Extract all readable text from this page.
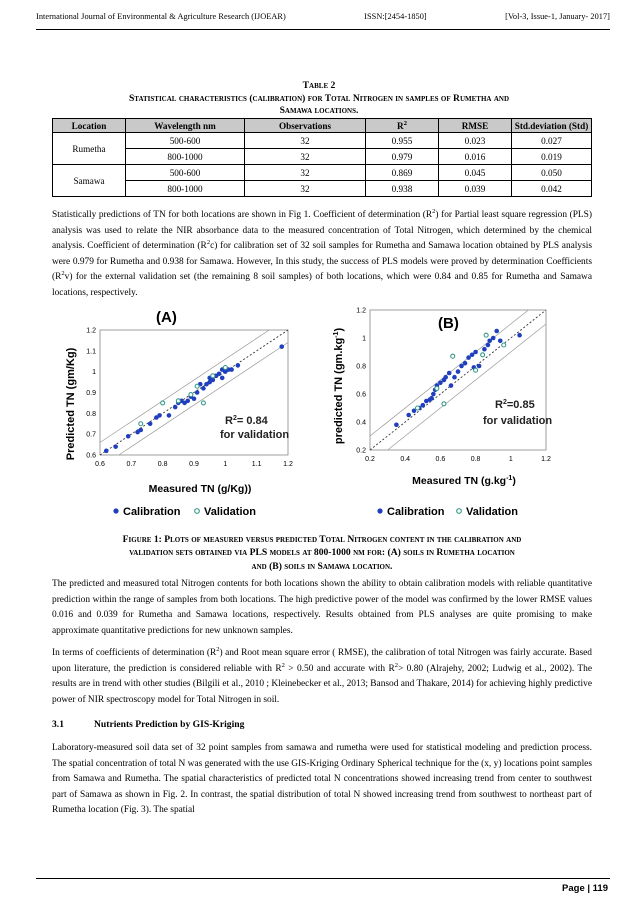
International Journal of Environmental & Agriculture Research (IJOEAR)	ISSN:[2454-1850]	[Vol-3, Issue-1, January- 2017]
Table 2
Statistical characteristics (calibration) for Total Nitrogen in samples of Rumetha and
Samawa locations.
Location	Wavelength nm	Observations	$R^2$	RMSE	Std.deviation (Std)
Rumetha	500-600	32	0.955	0.023	0.027
	800-1000	32	0.979	0.016	0.019
Samawa	500-600	32	0.869	0.045	0.050
	800-1000	32	0.938	0.039	0.042
Statistically predictions of TN for both locations are shown in Fig 1. Coefficient of determination $(R^2)$ for Partial least square regression (PLS) analysis was used to relate the NIR absorbance data to the measured concentration of Total Nitrogen, which determined by the chemical analysis. Coefficient of determination $(R^2c)$ for calibration set of 32 soil samples for Rumetha and Samawa location obtained by PLS analysis were 0.979 for Rumetha and 0.938 for Samawa. However, In this study, the success of PLS models were proved by determination Coefficients $(R^2v)$ for the external validation set (the remaining 8 soil samples) of both locations, which were 0.84 and 0.85 for Rumetha and Samawa locations, respectively.
0.6	0.7	0.8	0.9	1	1.1	1.2
0.6
0.7
0.8
0.9
1
1.1
1.2
(A)
$R^2= 0.84$
for validation
Measured TN (g/Kg))
Predicted TN (gm/Kg)
Calibration Validation
0.2	0.4	0.6	0.8	1	1.2
0.2
0.4
0.6
0.8
1
1.2
(B)
$R^2=0.85$
for validation
Measured TN $(g.kg^{-1})$
predicted TN $(gm.kg^{-1})$
Calibration Validation
Figure 1: Plots of measured versus predicted Total Nitrogen content in the calibration and
validation sets obtained via PLS models at 800-1000 nm for: (A) soils in Rumetha location
and (B) soils in Samawa location.
The predicted and measured total Nitrogen contents for both locations shown the ability to obtain calibration models with reliable quantitative prediction within the range of samples from both locations. The high predictive power of the model was confirmed by the lower RMSE values 0.016 and 0.039 for Rumetha and Samawa locations, respectively. Results obtained from PLS analyses are quite promising to make approximate quantitative predictions for new unknown samples.
In terms of coefficients of determination $(R^2)$ and Root mean square error ( RMSE), the calibration of total Nitrogen was fairly accurate. Based upon literature, the prediction is considered reliable with $R^2 > 0.50$ and accurate with $R^2> 0.80$ (Alrajehy, 2002; Ludwig et al., 2002). The results are in trend with other studies (Bilgili et al., 2010 ; Kleinebecker et al., 2013; Bansod and Thakare, 2014) for achieving highly predictive power of NIR spectroscopy model for Total Nitrogen in soil.
3.1	Nutrients Prediction by GIS-Kriging
Laboratory-measured soil data set of 32 point samples from samawa and rumetha were used for statistical modeling and prediction process. The spatial concentration of total N was generated with the use GIS-Kriging Ordinary Spherical technique for the (x, y) locations point samples from Samawa and Rumetha. The spatial characteristics of predicted total N concentrations showed increasing trend from center to southwest part of Samawa as shown in Fig. 2. In contrast, the spatial distribution of total N showed increasing trend from southwest to northeast part of Rumetha location (Fig. 3). The spatial
Page | 119
